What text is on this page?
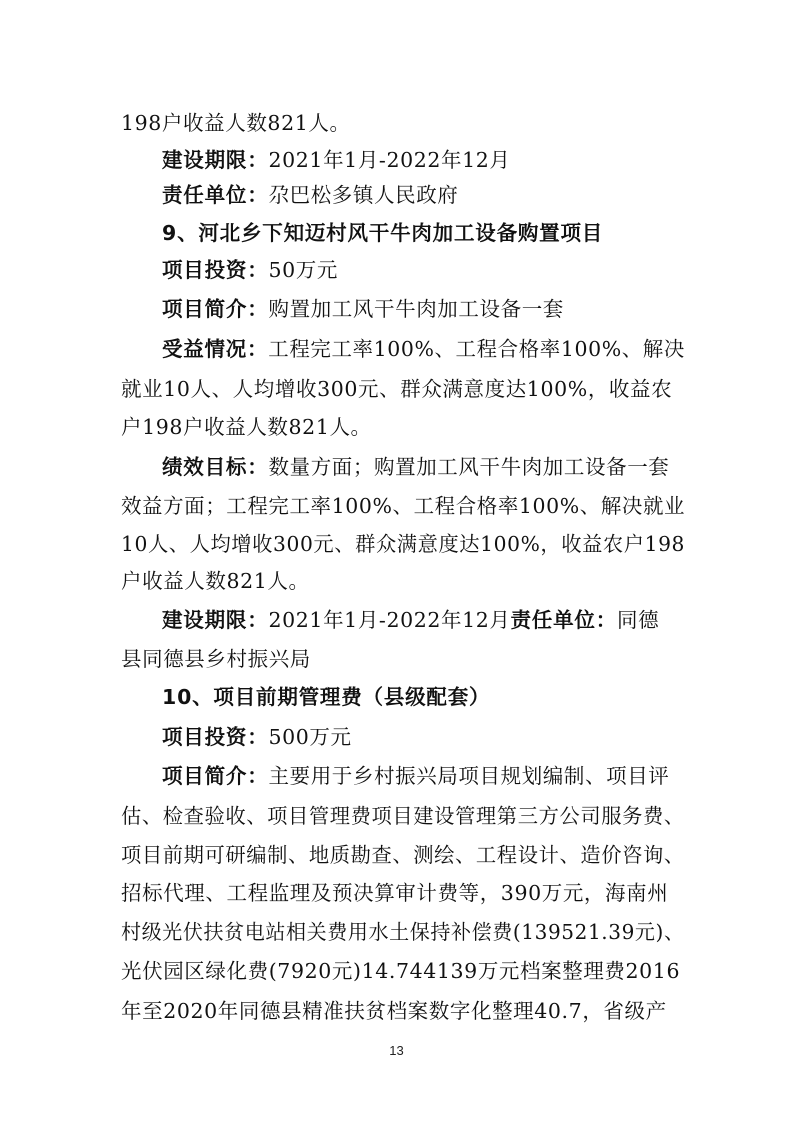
198户收益人数821人。
建设期限：2021年1月-2022年12月
责任单位：尕巴松多镇人民政府
9、河北乡下知迈村风干牛肉加工设备购置项目
项目投资：50万元
项目简介：购置加工风干牛肉加工设备一套
受益情况：工程完工率100%、工程合格率100%、解决
就业10人、人均增收300元、群众满意度达100%，收益农
户198户收益人数821人。
绩效目标：数量方面；购置加工风干牛肉加工设备一套
效益方面；工程完工率100%、工程合格率100%、解决就业
10人、人均增收300元、群众满意度达100%，收益农户198
户收益人数821人。
建设期限：2021年1月-2022年12月责任单位：同德
县同德县乡村振兴局
10、项目前期管理费（县级配套）
项目投资：500万元
项目简介：主要用于乡村振兴局项目规划编制、项目评
估、检查验收、项目管理费项目建设管理第三方公司服务费、
项目前期可研编制、地质勘查、测绘、工程设计、造价咨询、
招标代理、工程监理及预决算审计费等，390万元，海南州
村级光伏扶贫电站相关费用水土保持补偿费(139521.39元)、
光伏园区绿化费(7920元)14.744139万元档案整理费2016
年至2020年同德县精准扶贫档案数字化整理40.7，省级产
13
